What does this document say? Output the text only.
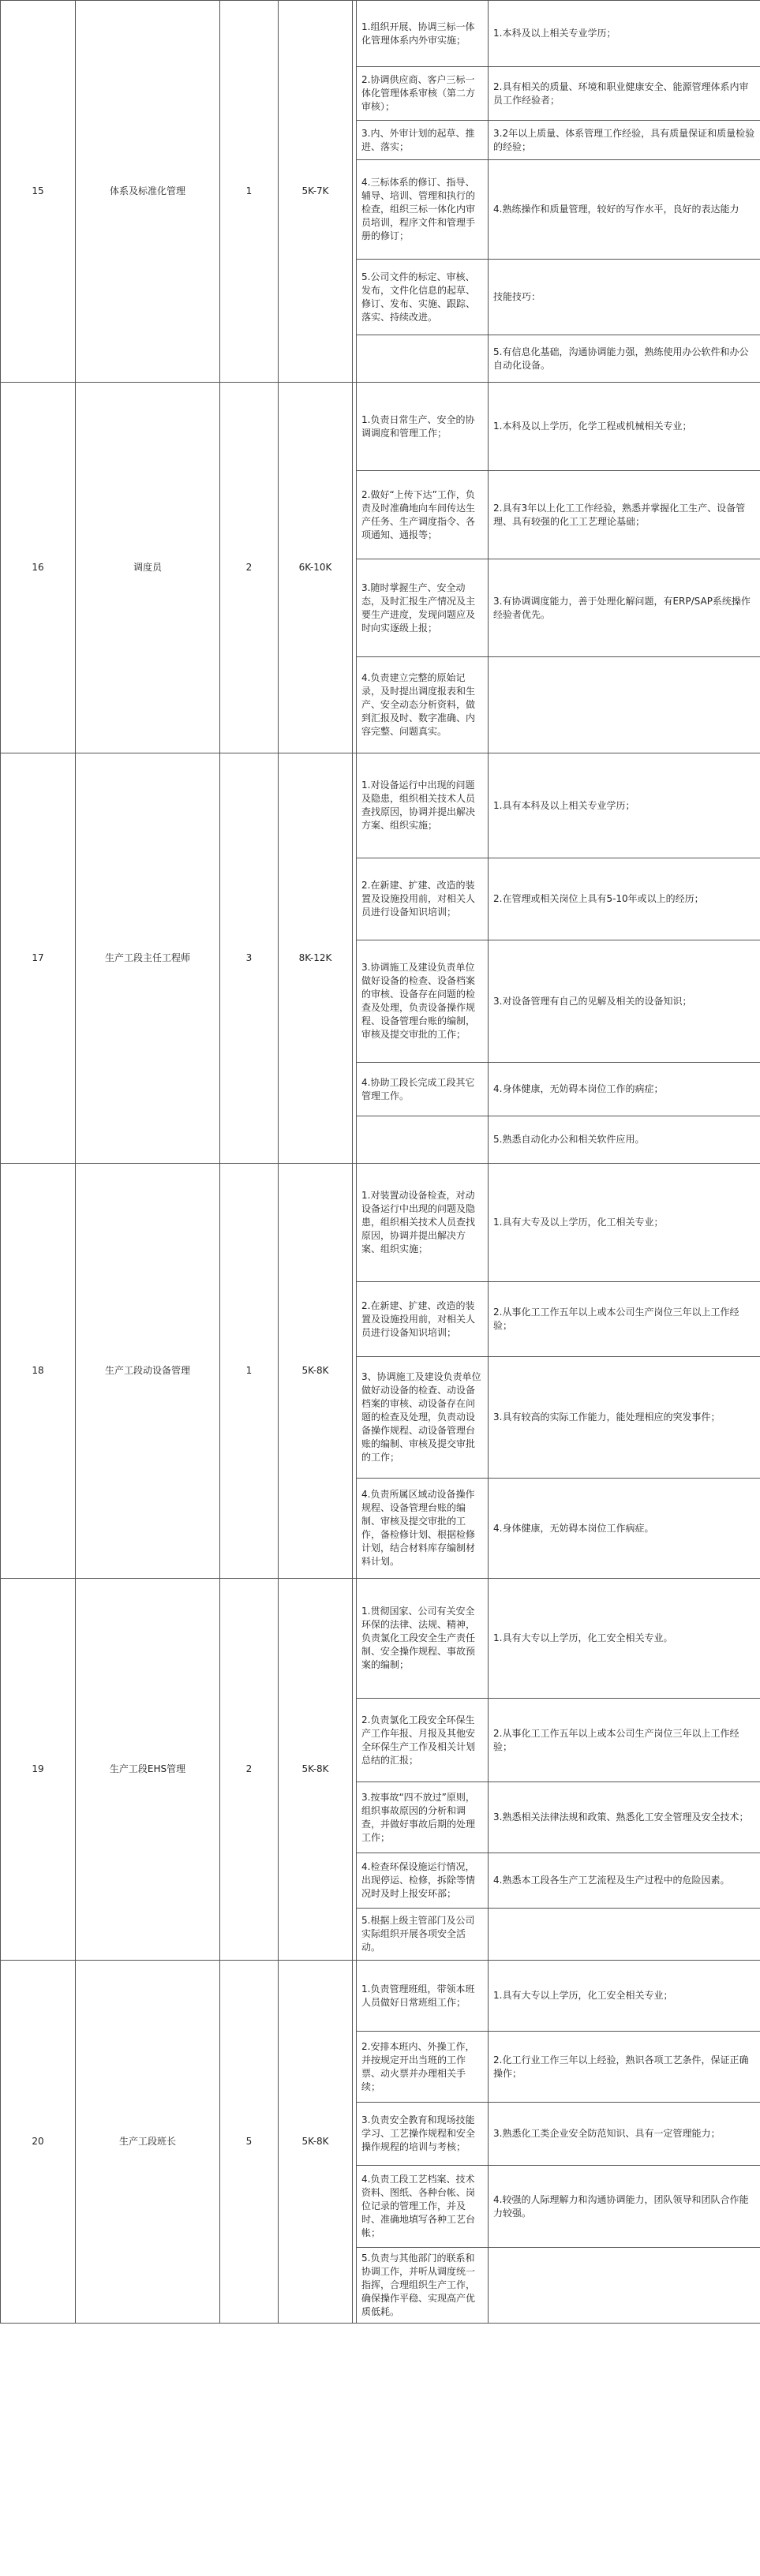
15	体系及标准化管理	1	5K-7K		1.组织开展、协调三标一体化管理体系内外审实施；	1.本科及以上相关专业学历；
					2.协调供应商、客户三标一体化管理体系审核（第二方审核）；	2.具有相关的质量、环境和职业健康安全、能源管理体系内审员工作经验者；
					3.内、外审计划的起草、推进、落实；	3.2年以上质量、体系管理工作经验，具有质量保证和质量检验的经验；
					4.三标体系的修订、指导、辅导、培训、管理和执行的检查，组织三标一体化内审员培训，程序文件和管理手册的修订；	4.熟练操作和质量管理，较好的写作水平，良好的表达能力
					5.公司文件的标定、审核、发布，文件化信息的起草、修订、发布、实施、跟踪、落实、持续改进。	技能技巧：
						5.有信息化基础，沟通协调能力强，熟练使用办公软件和办公自动化设备。
16	调度员	2	6K-10K		1.负责日常生产、安全的协调调度和管理工作；	1.本科及以上学历，化学工程或机械相关专业；
					2.做好“上传下达”工作，负责及时准确地向车间传达生产任务、生产调度指令、各项通知、通报等；	2.具有3年以上化工工作经验，熟悉并掌握化工生产、设备管理、具有较强的化工工艺理论基础；
					3.随时掌握生产、安全动态，及时汇报生产情况及主要生产进度，发现问题应及时向实逐级上报；	3.有协调调度能力，善于处理化解问题，有ERP/SAP系统操作经验者优先。
					4.负责建立完整的原始记录，及时提出调度报表和生产、安全动态分析资料，做到汇报及时、数字准确、内容完整、问题真实。	
17	生产工段主任工程师	3	8K-12K		1.对设备运行中出现的问题及隐患，组织相关技术人员查找原因，协调并提出解决方案、组织实施；	1.具有本科及以上相关专业学历；
					2.在新建、扩建、改造的装置及设施投用前，对相关人员进行设备知识培训；	2.在管理或相关岗位上具有5-10年或以上的经历；
					3.协调施工及建设负责单位做好设备的检查、设备档案的审核、设备存在问题的检查及处理，负责设备操作规程、设备管理台账的编制，审核及提交审批的工作；	3.对设备管理有自己的见解及相关的设备知识；
					4.协助工段长完成工段其它管理工作。	4.身体健康，无妨碍本岗位工作的病症；
						5.熟悉自动化办公和相关软件应用。
18	生产工段动设备管理	1	5K-8K		1.对装置动设备检查，对动设备运行中出现的问题及隐患，组织相关技术人员查找原因，协调并提出解决方案、组织实施；	1.具有大专及以上学历，化工相关专业；
					2.在新建、扩建、改造的装置及设施投用前，对相关人员进行设备知识培训；	2.从事化工工作五年以上或本公司生产岗位三年以上工作经验；
					3、协调施工及建设负责单位做好动设备的检查、动设备档案的审核、动设备存在问题的检查及处理，负责动设备操作规程、动设备管理台账的编制、审核及提交审批的工作；	3.具有较高的实际工作能力，能处理相应的突发事件；
					4.负责所属区域动设备操作规程、设备管理台账的编制、审核及提交审批的工作，备检修计划、根据检修计划，结合材料库存编制材料计划。	4.身体健康，无妨碍本岗位工作病症。
19	生产工段EHS管理	2	5K-8K		1.贯彻国家、公司有关安全环保的法律、法规、精神，负责氯化工段安全生产责任制、安全操作规程、事故预案的编制；	1.具有大专以上学历，化工安全相关专业。
					2.负责氯化工段安全环保生产工作年报、月报及其他安全环保生产工作及相关计划总结的汇报；	2.从事化工工作五年以上或本公司生产岗位三年以上工作经验；
					3.按事故“四不放过”原则，组织事故原因的分析和调查，并做好事故后期的处理工作；	3.熟悉相关法律法规和政策、熟悉化工安全管理及安全技术；
					4.检查环保设施运行情况，出现停运、检修，拆除等情况时及时上报安环部；	4.熟悉本工段各生产工艺流程及生产过程中的危险因素。
					5.根据上级主管部门及公司实际组织开展各项安全活动。	
20	生产工段班长	5	5K-8K		1.负责管理班组，带领本班人员做好日常班组工作；	1.具有大专以上学历，化工安全相关专业；
					2.安排本班内、外操工作，并按规定开出当班的工作票、动火票并办理相关手续；	2.化工行业工作三年以上经验，熟识各项工艺条件，保证正确操作；
					3.负责安全教育和现场技能学习、工艺操作规程和安全操作规程的培训与考核；	3.熟悉化工类企业安全防范知识、具有一定管理能力；
					4.负责工段工艺档案、技术资料、图纸、各种台帐、岗位记录的管理工作，并及时、准确地填写各种工艺台帐；	4.较强的人际理解力和沟通协调能力，团队领导和团队合作能力较强。
					5.负责与其他部门的联系和协调工作，并听从调度统一指挥，合理组织生产工作，确保操作平稳、实现高产优质低耗。	
